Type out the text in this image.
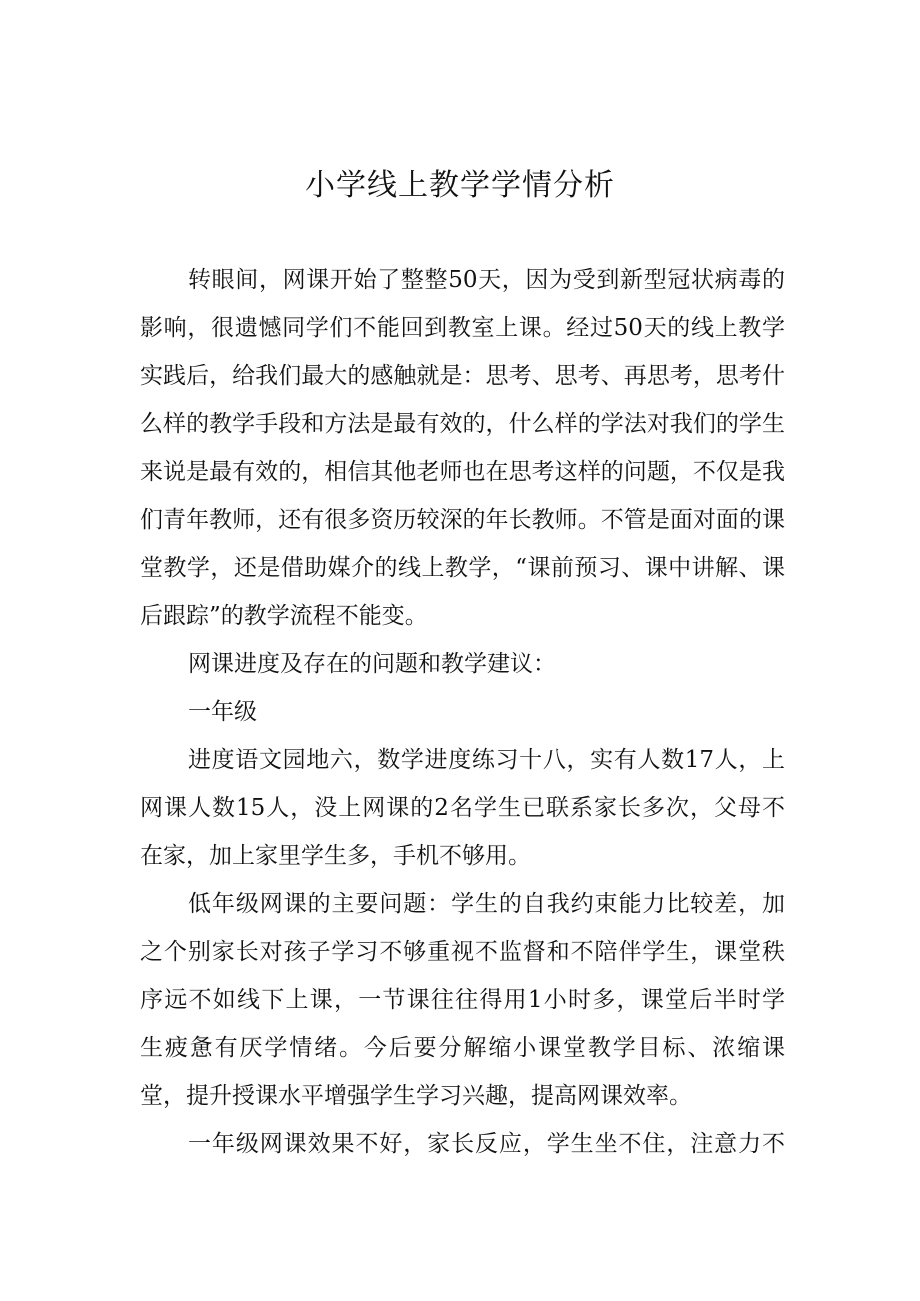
小学线上教学学情分析
转眼间，网课开始了整整50天，因为受到新型冠状病毒的
影响，很遗憾同学们不能回到教室上课。经过50天的线上教学
实践后，给我们最大的感触就是：思考、思考、再思考，思考什
么样的教学手段和方法是最有效的，什么样的学法对我们的学生
来说是最有效的，相信其他老师也在思考这样的问题，不仅是我
们青年教师，还有很多资历较深的年长教师。不管是面对面的课
堂教学，还是借助媒介的线上教学，“课前预习、课中讲解、课
后跟踪”的教学流程不能变。
网课进度及存在的问题和教学建议：
一年级
进度语文园地六，数学进度练习十八，实有人数17人，上
网课人数15人，没上网课的2名学生已联系家长多次，父母不
在家，加上家里学生多，手机不够用。
低年级网课的主要问题：学生的自我约束能力比较差，加
之个别家长对孩子学习不够重视不监督和不陪伴学生，课堂秩
序远不如线下上课，一节课往往得用1小时多，课堂后半时学
生疲惫有厌学情绪。今后要分解缩小课堂教学目标、浓缩课
堂，提升授课水平增强学生学习兴趣，提高网课效率。
一年级网课效果不好，家长反应，学生坐不住，注意力不
